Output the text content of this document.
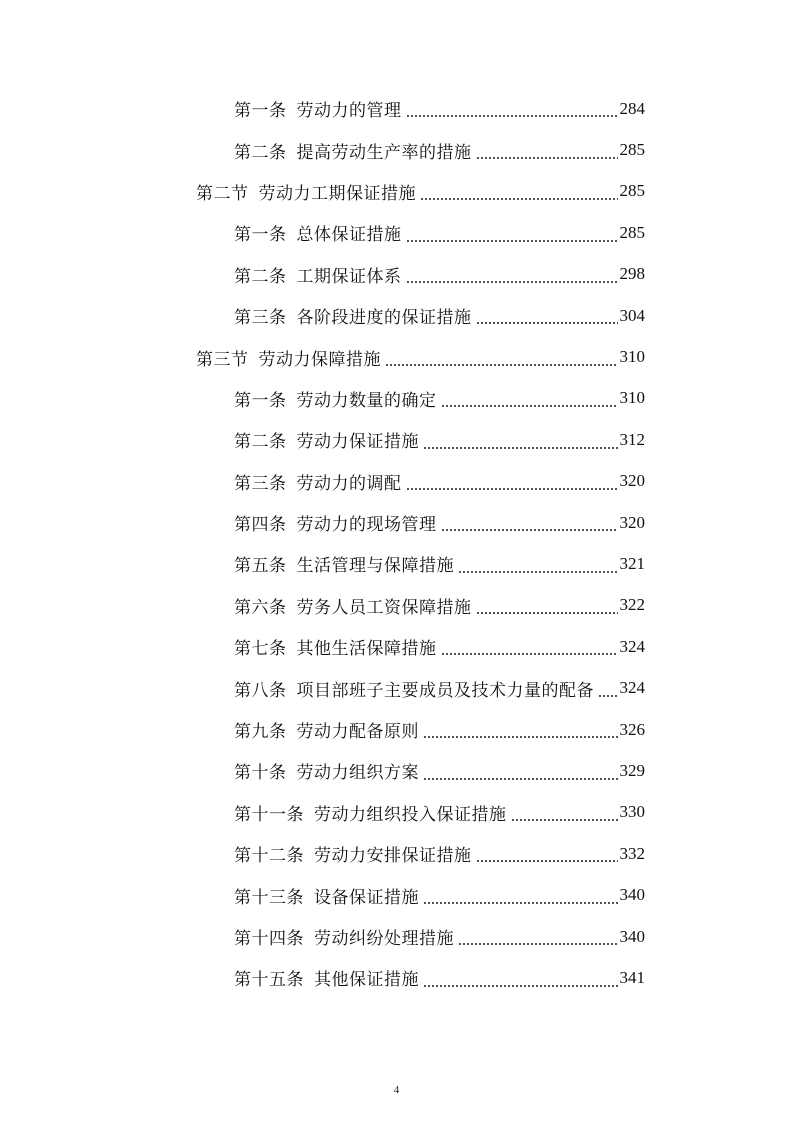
第一条 劳动力的管理	284
第二条 提高劳动生产率的措施	285
第二节 劳动力工期保证措施	285
第一条 总体保证措施	285
第二条 工期保证体系	298
第三条 各阶段进度的保证措施	304
第三节 劳动力保障措施	310
第一条 劳动力数量的确定	310
第二条 劳动力保证措施	312
第三条 劳动力的调配	320
第四条 劳动力的现场管理	320
第五条 生活管理与保障措施	321
第六条 劳务人员工资保障措施	322
第七条 其他生活保障措施	324
第八条 项目部班子主要成员及技术力量的配备 324
第九条 劳动力配备原则	326
第十条 劳动力组织方案	329
第十一条 劳动力组织投入保证措施	330
第十二条 劳动力安排保证措施	332
第十三条 设备保证措施	340
第十四条 劳动纠纷处理措施	340
第十五条 其他保证措施	341
4
